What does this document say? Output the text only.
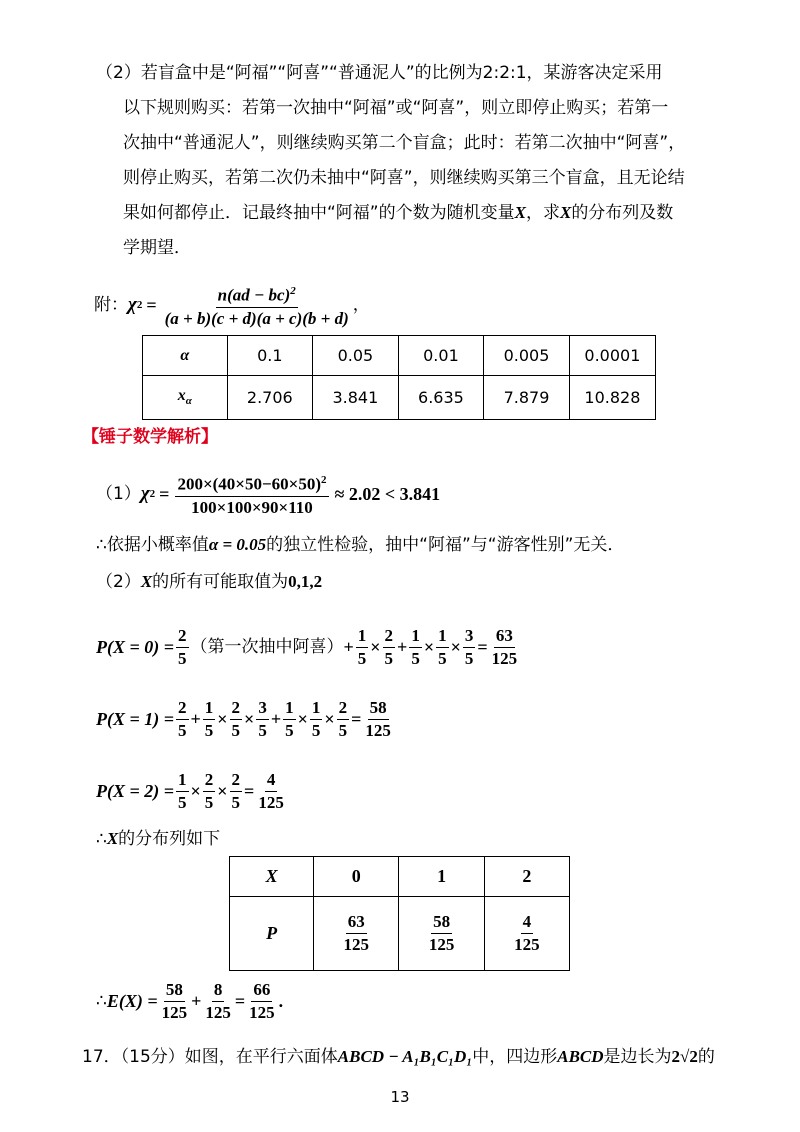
（2）若盲盒中是“阿福”“阿喜”“普通泥人”的比例为2:2:1，某游客决定采用
以下规则购买：若第一次抽中“阿福”或“阿喜”，则立即停止购买；若第一
次抽中“普通泥人”，则继续购买第二个盲盒；此时：若第二次抽中“阿喜”，
则停止购买，若第二次仍未抽中“阿喜”，则继续购买第三个盲盒，且无论结
果如何都停止．记最终抽中“阿福”的个数为随机变量X，求X的分布列及数
学期望．
附： χ $2 = \frac{n(ad - bc)^2}{(a + b)(c + d)(a + c)(b + d)}$ ，
α	0.1	0.05	0.01	0.005	0.0001
$x_\alpha$	2.706	3.841	6.635	7.879	10.828
【锤子数学解析】
（1） χ $2 = \frac{200\times(40\times 50-60\times 50)^2}{100\times 100\times 90\times 110} \approx 2.02 < 3.841$
∴依据小概率值α = 0.05的独立性检验，抽中“阿福”与“游客性别”无关．
（2）X的所有可能取值为0,1,2
$P(X = 0) = \frac{2}{5}$ （第一次抽中阿喜） + $\frac{1}{5} \times \frac{2}{5} + \frac{1}{5} \times \frac{1}{5} \times \frac{3}{5} = \frac{63}{125}$
$P(X = 1) = \frac{2}{5} + \frac{1}{5} \times \frac{2}{5} \times \frac{3}{5} + \frac{1}{5} \times \frac{1}{5} \times \frac{2}{5} = \frac{58}{125}$
$P(X = 2) = \frac{1}{5} \times \frac{2}{5} \times \frac{2}{5} = \frac{4}{125}$
∴X的分布列如下
X	0	1	2
P	$\frac{63}{125}$	$\frac{58}{125}$	$\frac{4}{125}$
∴ $E(X) = \frac{58}{125} + \frac{8}{125} = \frac{66}{125}$ .
17．（15分）如图，在平行六面体ABCD − A₁B₁C₁D₁中，四边形ABCD是边长为2√2的
13
